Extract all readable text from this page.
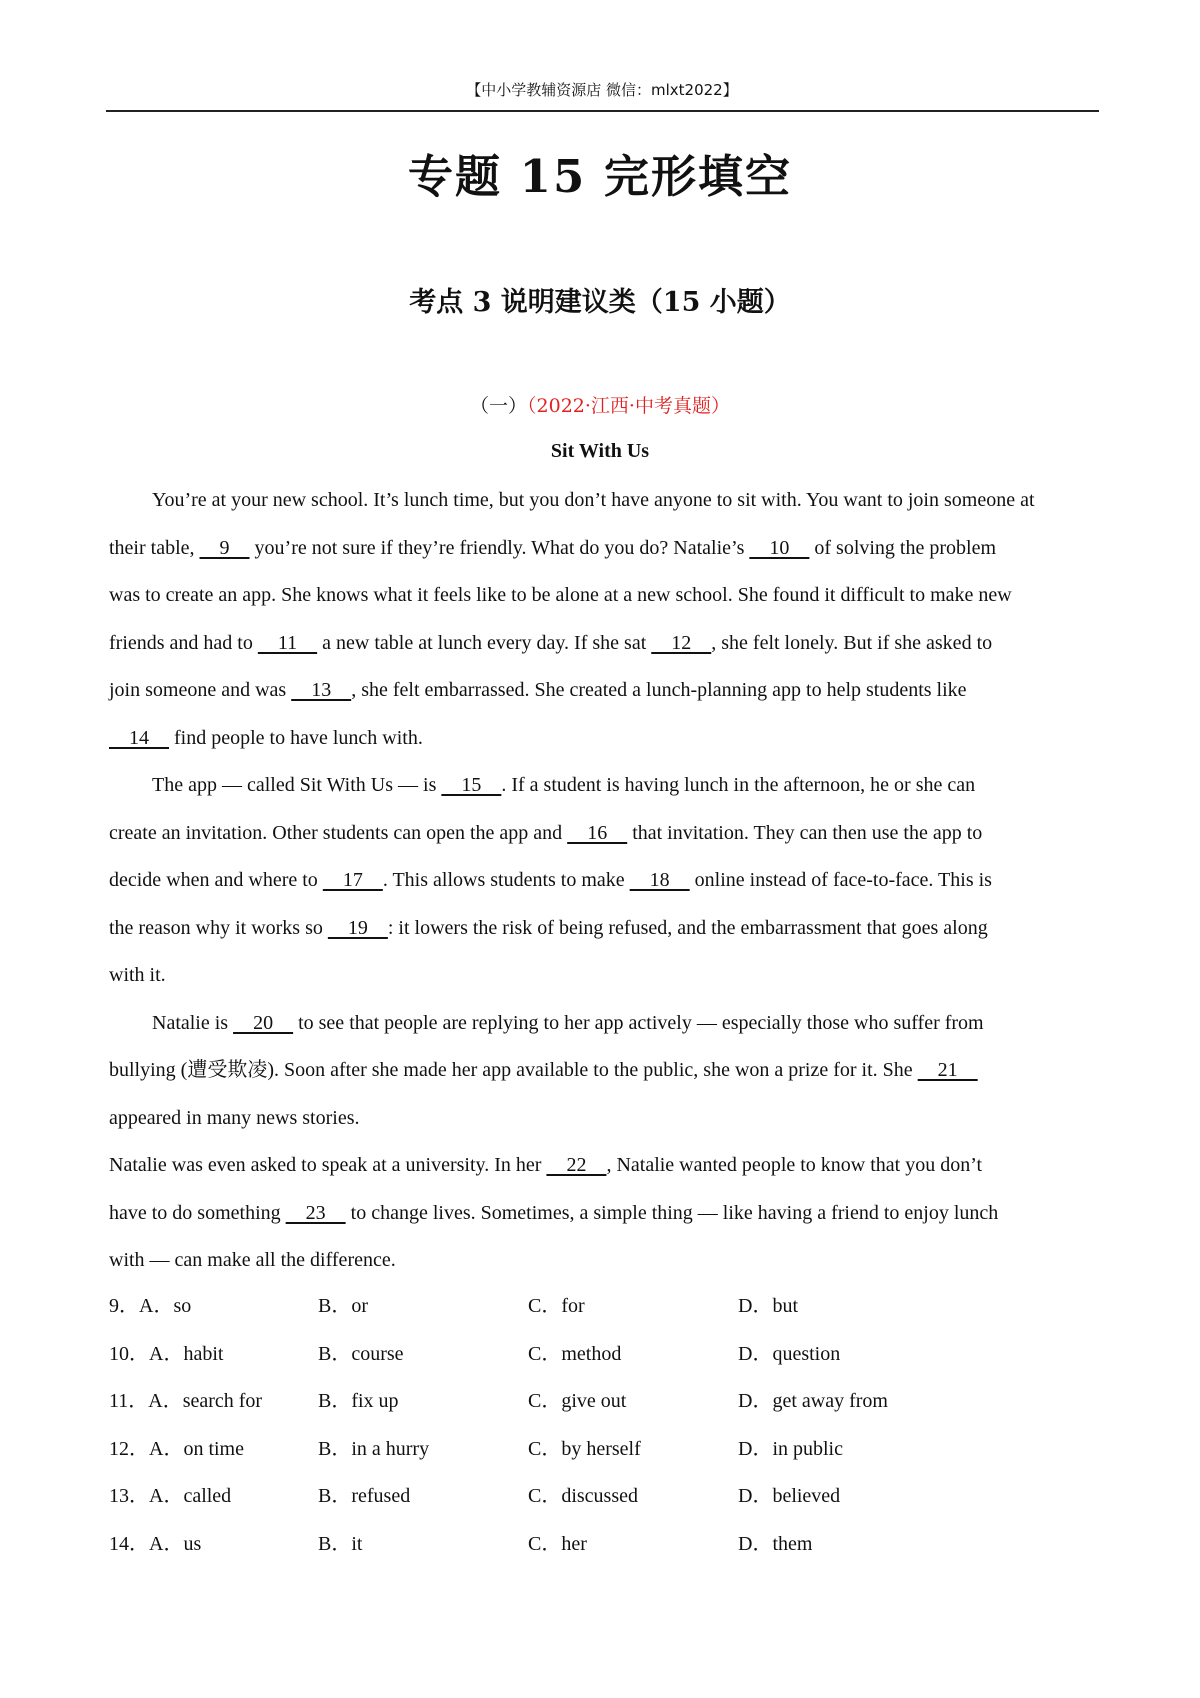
【中小学教辅资源店 微信：mlxt2022】
专题 15 完形填空
考点 3 说明建议类（15 小题）
（一）（2022·江西·中考真题）
Sit With Us
You’re at your new school. It’s lunch time, but you don’t have anyone to sit with. You want to join someone at
their table,     9     you’re not sure if they’re friendly. What do you do? Natalie’s     10     of solving the problem
was to create an app. She knows what it feels like to be alone at a new school. She found it difficult to make new
friends and had to     11     a new table at lunch every day. If she sat     12    , she felt lonely. But if she asked to
join someone and was     13    , she felt embarrassed. She created a lunch-planning app to help students like
14     find people to have lunch with.
The app — called Sit With Us — is     15    . If a student is having lunch in the afternoon, he or she can
create an invitation. Other students can open the app and     16     that invitation. They can then use the app to
decide when and where to     17    . This allows students to make     18     online instead of face-to-face. This is
the reason why it works so     19    : it lowers the risk of being refused, and the embarrassment that goes along
with it.
Natalie is     20     to see that people are replying to her app actively — especially those who suffer from
bullying (遭受欺凌). Soon after she made her app available to the public, she won a prize for it. She     21
appeared in many news stories.
Natalie was even asked to speak at a university. In her     22    , Natalie wanted people to know that you don’t
have to do something     23     to change lives. Sometimes, a simple thing — like having a friend to enjoy lunch
with — can make all the difference.
9．A．so	B．or	C．for	D．but
10．A．habit	B．course	C．method	D．question
11．A．search for	B．fix up	C．give out	D．get away from
12．A．on time	B．in a hurry	C．by herself	D．in public
13．A．called	B．refused	C．discussed	D．believed
14．A．us	B．it	C．her	D．them
